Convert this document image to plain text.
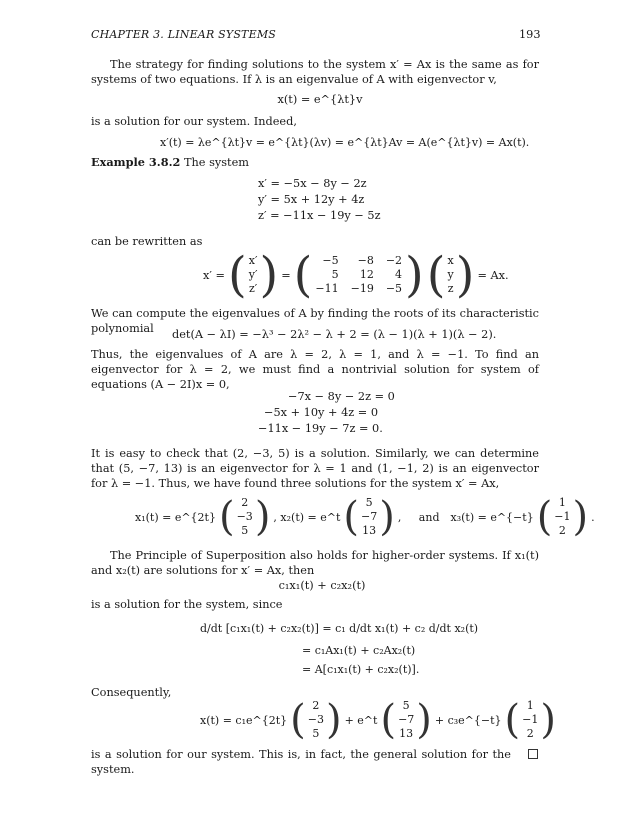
CHAPTER 3. LINEAR SYSTEMS	193
The strategy for finding solutions to the system x′ = Ax is the same as for systems of two equations. If λ is an eigenvalue of A with eigenvector v,
x(t) = e^{λt}v
is a solution for our system. Indeed,
x′(t) = λe^{λt}v = e^{λt}(λv) = e^{λt}Av = A(e^{λt}v) = Ax(t).
Example 3.8.2 The system
x′ = −5x − 8y − 2z
y′ = 5x + 12y + 4z
z′ = −11x − 19y − 5z
can be rewritten as
x′ = ( x′
y′
z′ ) = ( −5	−8 −2
5	12	4
−11 −19 −5 ) ( x
y
z ) = Ax.
We can compute the eigenvalues of A by finding the roots of its characteristic polynomial	det(A − λI) = −λ³ − 2λ² − λ + 2 = (λ − 1)(λ + 1)(λ − 2).
Thus, the eigenvalues of A are λ = 2, λ = 1, and λ = −1. To find an eigenvector for λ = 2, we must find a nontrivial solution for system of equations (A − 2I)x = 0,
−7x − 8y − 2z = 0
−5x + 10y + 4z = 0
−11x − 19y − 7z = 0.
It is easy to check that (2, −3, 5) is a solution. Similarly, we can determine that (5, −7, 13) is an eigenvector for λ = 1 and (1, −1, 2) is an eigenvector for λ = −1. Thus, we have found three solutions for the system x′ = Ax,
x₁(t) = e^{2t} ( 2
−3
5 ) , x₂(t) = e^t ( 5
−7
13 ) ,     and x₃(t) = e^{−t} ( 1
−1
2 ) .
The Principle of Superposition also holds for higher-order systems. If x₁(t) and x₂(t) are solutions for x′ = Ax, then
c₁x₁(t) + c₂x₂(t)
is a solution for the system, since
d/dt [c₁x₁(t) + c₂x₂(t)] = c₁ d/dt x₁(t) + c₂ d/dt x₂(t)
= c₁Ax₁(t) + c₂Ax₂(t)
= A[c₁x₁(t) + c₂x₂(t)].
Consequently,
x(t) = c₁e^{2t} ( 2
−3
5 ) + e^t ( 5
−7
13 ) + c₃e^{−t} ( 1
−1
2 )
is a solution for our system. This is, in fact, the general solution for the system.
